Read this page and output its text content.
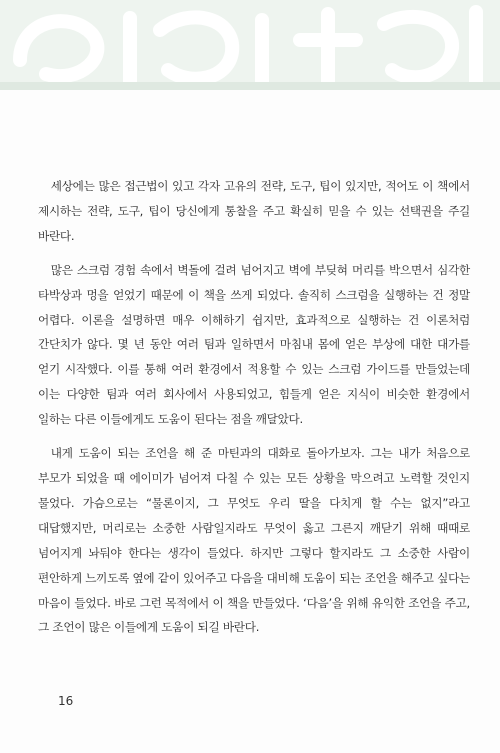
세상에는 많은 접근법이 있고 각자 고유의 전략, 도구, 팁이 있지만, 적어도 이 책에서 제시하는 전략, 도구, 팁이 당신에게 통찰을 주고 확실히 믿을 수 있는 선택권을 주길 바란다.

많은 스크럼 경험 속에서 벽돌에 걸려 넘어지고 벽에 부딪혀 머리를 박으면서 심각한 타박상과 멍을 얻었기 때문에 이 책을 쓰게 되었다. 솔직히 스크럼을 실행하는 건 정말 어렵다. 이론을 설명하면 매우 이해하기 쉽지만, 효과적으로 실행하는 건 이론처럼 간단치가 않다. 몇 년 동안 여러 팀과 일하면서 마침내 몸에 얻은 부상에 대한 대가를 얻기 시작했다. 이를 통해 여러 환경에서 적용할 수 있는 스크럼 가이드를 만들었는데 이는 다양한 팀과 여러 회사에서 사용되었고, 힘들게 얻은 지식이 비슷한 환경에서 일하는 다른 이들에게도 도움이 된다는 점을 깨달았다.

내게 도움이 되는 조언을 해 준 마틴과의 대화로 돌아가보자. 그는 내가 처음으로 부모가 되었을 때 에이미가 넘어져 다칠 수 있는 모든 상황을 막으려고 노력할 것인지 물었다. 가슴으로는 “물론이지, 그 무엇도 우리 딸을 다치게 할 수는 없지”라고 대답했지만, 머리로는 소중한 사람일지라도 무엇이 옳고 그른지 깨닫기 위해 때때로 넘어지게 놔둬야 한다는 생각이 들었다. 하지만 그렇다 할지라도 그 소중한 사람이 편안하게 느끼도록 옆에 같이 있어주고 다음을 대비해 도움이 되는 조언을 해주고 싶다는 마음이 들었다. 바로 그런 목적에서 이 책을 만들었다. ‘다음’을 위해 유익한 조언을 주고, 그 조언이 많은 이들에게 도움이 되길 바란다.

16
